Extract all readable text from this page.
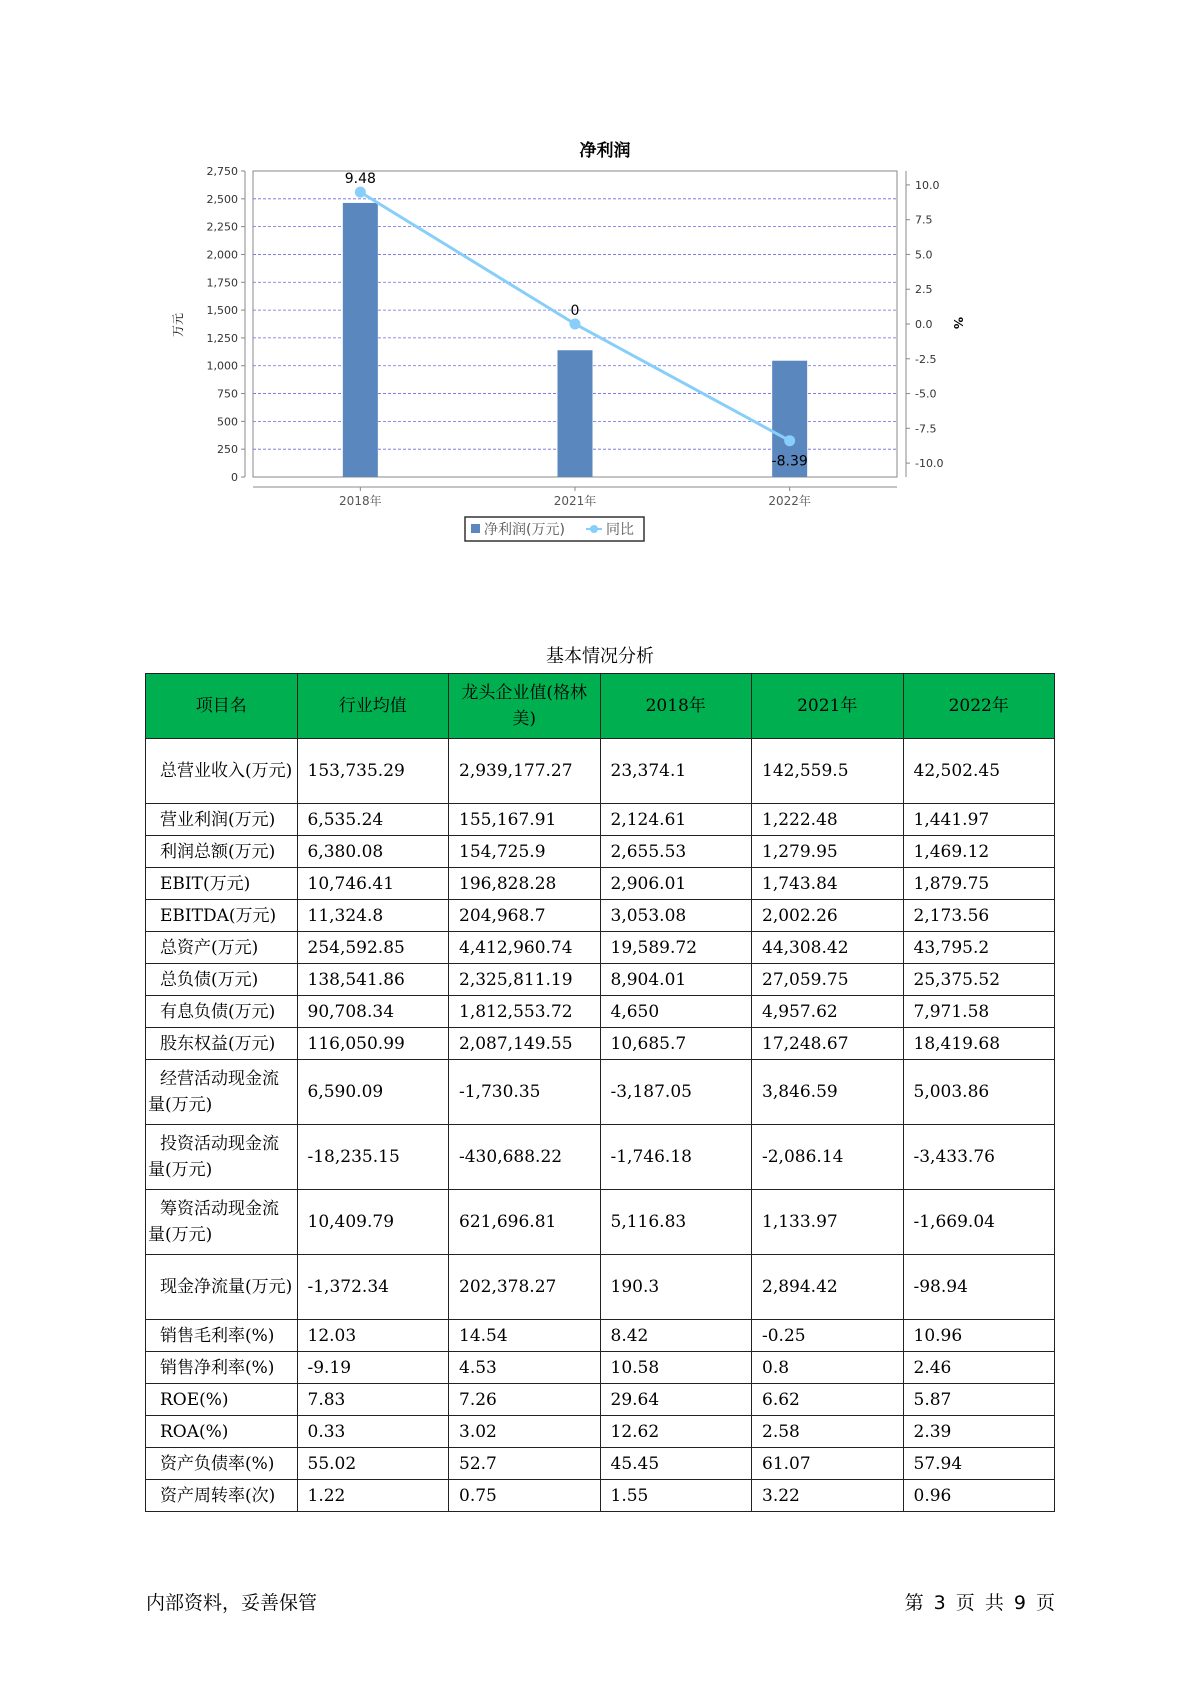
净利润
9.48
0
-8.39
0
250
500
750
1,000
1,250
1,500
1,750
2,000
2,250
2,500
2,750
-10.0
-7.5
-5.0
-2.5
0.0
2.5
5.0
7.5
10.0
2018年	2021年	2022年
万元	%
净利润(万元)	同比
基本情况分析
项目名	行业均值	龙头企业值(格林美)	2018年	2021年	2022年
总营业收入(万元)	153,735.29	2,939,177.27	23,374.1	142,559.5	42,502.45
营业利润(万元)	6,535.24	155,167.91	2,124.61	1,222.48	1,441.97
利润总额(万元)	6,380.08	154,725.9	2,655.53	1,279.95	1,469.12
EBIT(万元)	10,746.41	196,828.28	2,906.01	1,743.84	1,879.75
EBITDA(万元)	11,324.8	204,968.7	3,053.08	2,002.26	2,173.56
总资产(万元)	254,592.85	4,412,960.74	19,589.72	44,308.42	43,795.2
总负债(万元)	138,541.86	2,325,811.19	8,904.01	27,059.75	25,375.52
有息负债(万元)	90,708.34	1,812,553.72	4,650	4,957.62	7,971.58
股东权益(万元)	116,050.99	2,087,149.55	10,685.7	17,248.67	18,419.68
经营活动现金流量(万元)	6,590.09	-1,730.35	-3,187.05	3,846.59	5,003.86
投资活动现金流量(万元)	-18,235.15	-430,688.22	-1,746.18	-2,086.14	-3,433.76
筹资活动现金流量(万元)	10,409.79	621,696.81	5,116.83	1,133.97	-1,669.04
现金净流量(万元)	-1,372.34	202,378.27	190.3	2,894.42	-98.94
销售毛利率(%)	12.03	14.54	8.42	-0.25	10.96
销售净利率(%)	-9.19	4.53	10.58	0.8	2.46
ROE(%)	7.83	7.26	29.64	6.62	5.87
ROA(%)	0.33	3.02	12.62	2.58	2.39
资产负债率(%)	55.02	52.7	45.45	61.07	57.94
资产周转率(次)	1.22	0.75	1.55	3.22	0.96
内部资料，妥善保管	第 3 页 共 9 页
